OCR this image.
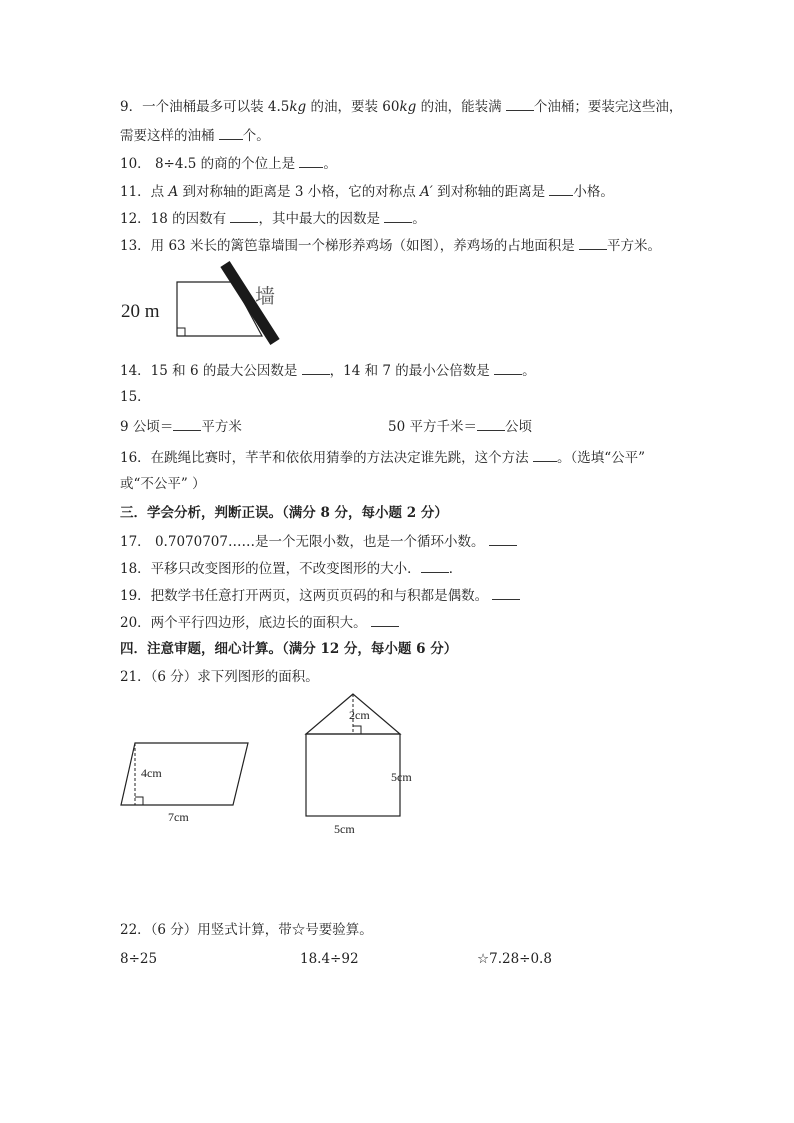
9．一个油桶最多可以装 4.5kg 的油，要装 60kg 的油，能装满 个油桶；要装完这些油，
需要这样的油桶 个。
10． 8÷4.5 的商的个位上是 。
11．点 A 到对称轴的距离是 3 小格，它的对称点 A′ 到对称轴的距离是 小格。
12．18 的因数有 ，其中最大的因数是 。
13．用 63 米长的篱笆靠墙围一个梯形养鸡场（如图），养鸡场的占地面积是 平方米。
20 m
墙
14．15 和 6 的最大公因数是 ，14 和 7 的最小公倍数是 。
15．
9 公顷＝ 平方米	50 平方千米＝ 公顷
16．在跳绳比赛时，芊芊和依依用猜拳的方法决定谁先跳，这个方法 。（选填“公平”
或“不公平” ）
三．学会分析，判断正误。（满分 8 分，每小题 2 分）
17． 0.7070707……是一个无限小数，也是一个循环小数。
18．平移只改变图形的位置，不改变图形的大小． ．
19．把数学书任意打开两页，这两页页码的和与积都是偶数。
20．两个平行四边形，底边长的面积大。
四．注意审题，细心计算。（满分 12 分，每小题 6 分）
21．（6 分）求下列图形的面积。
4cm
7cm
2cm
5cm
5cm
22．（6 分）用竖式计算，带☆号要验算。
8÷25	18.4÷92	☆7.28÷0.8
